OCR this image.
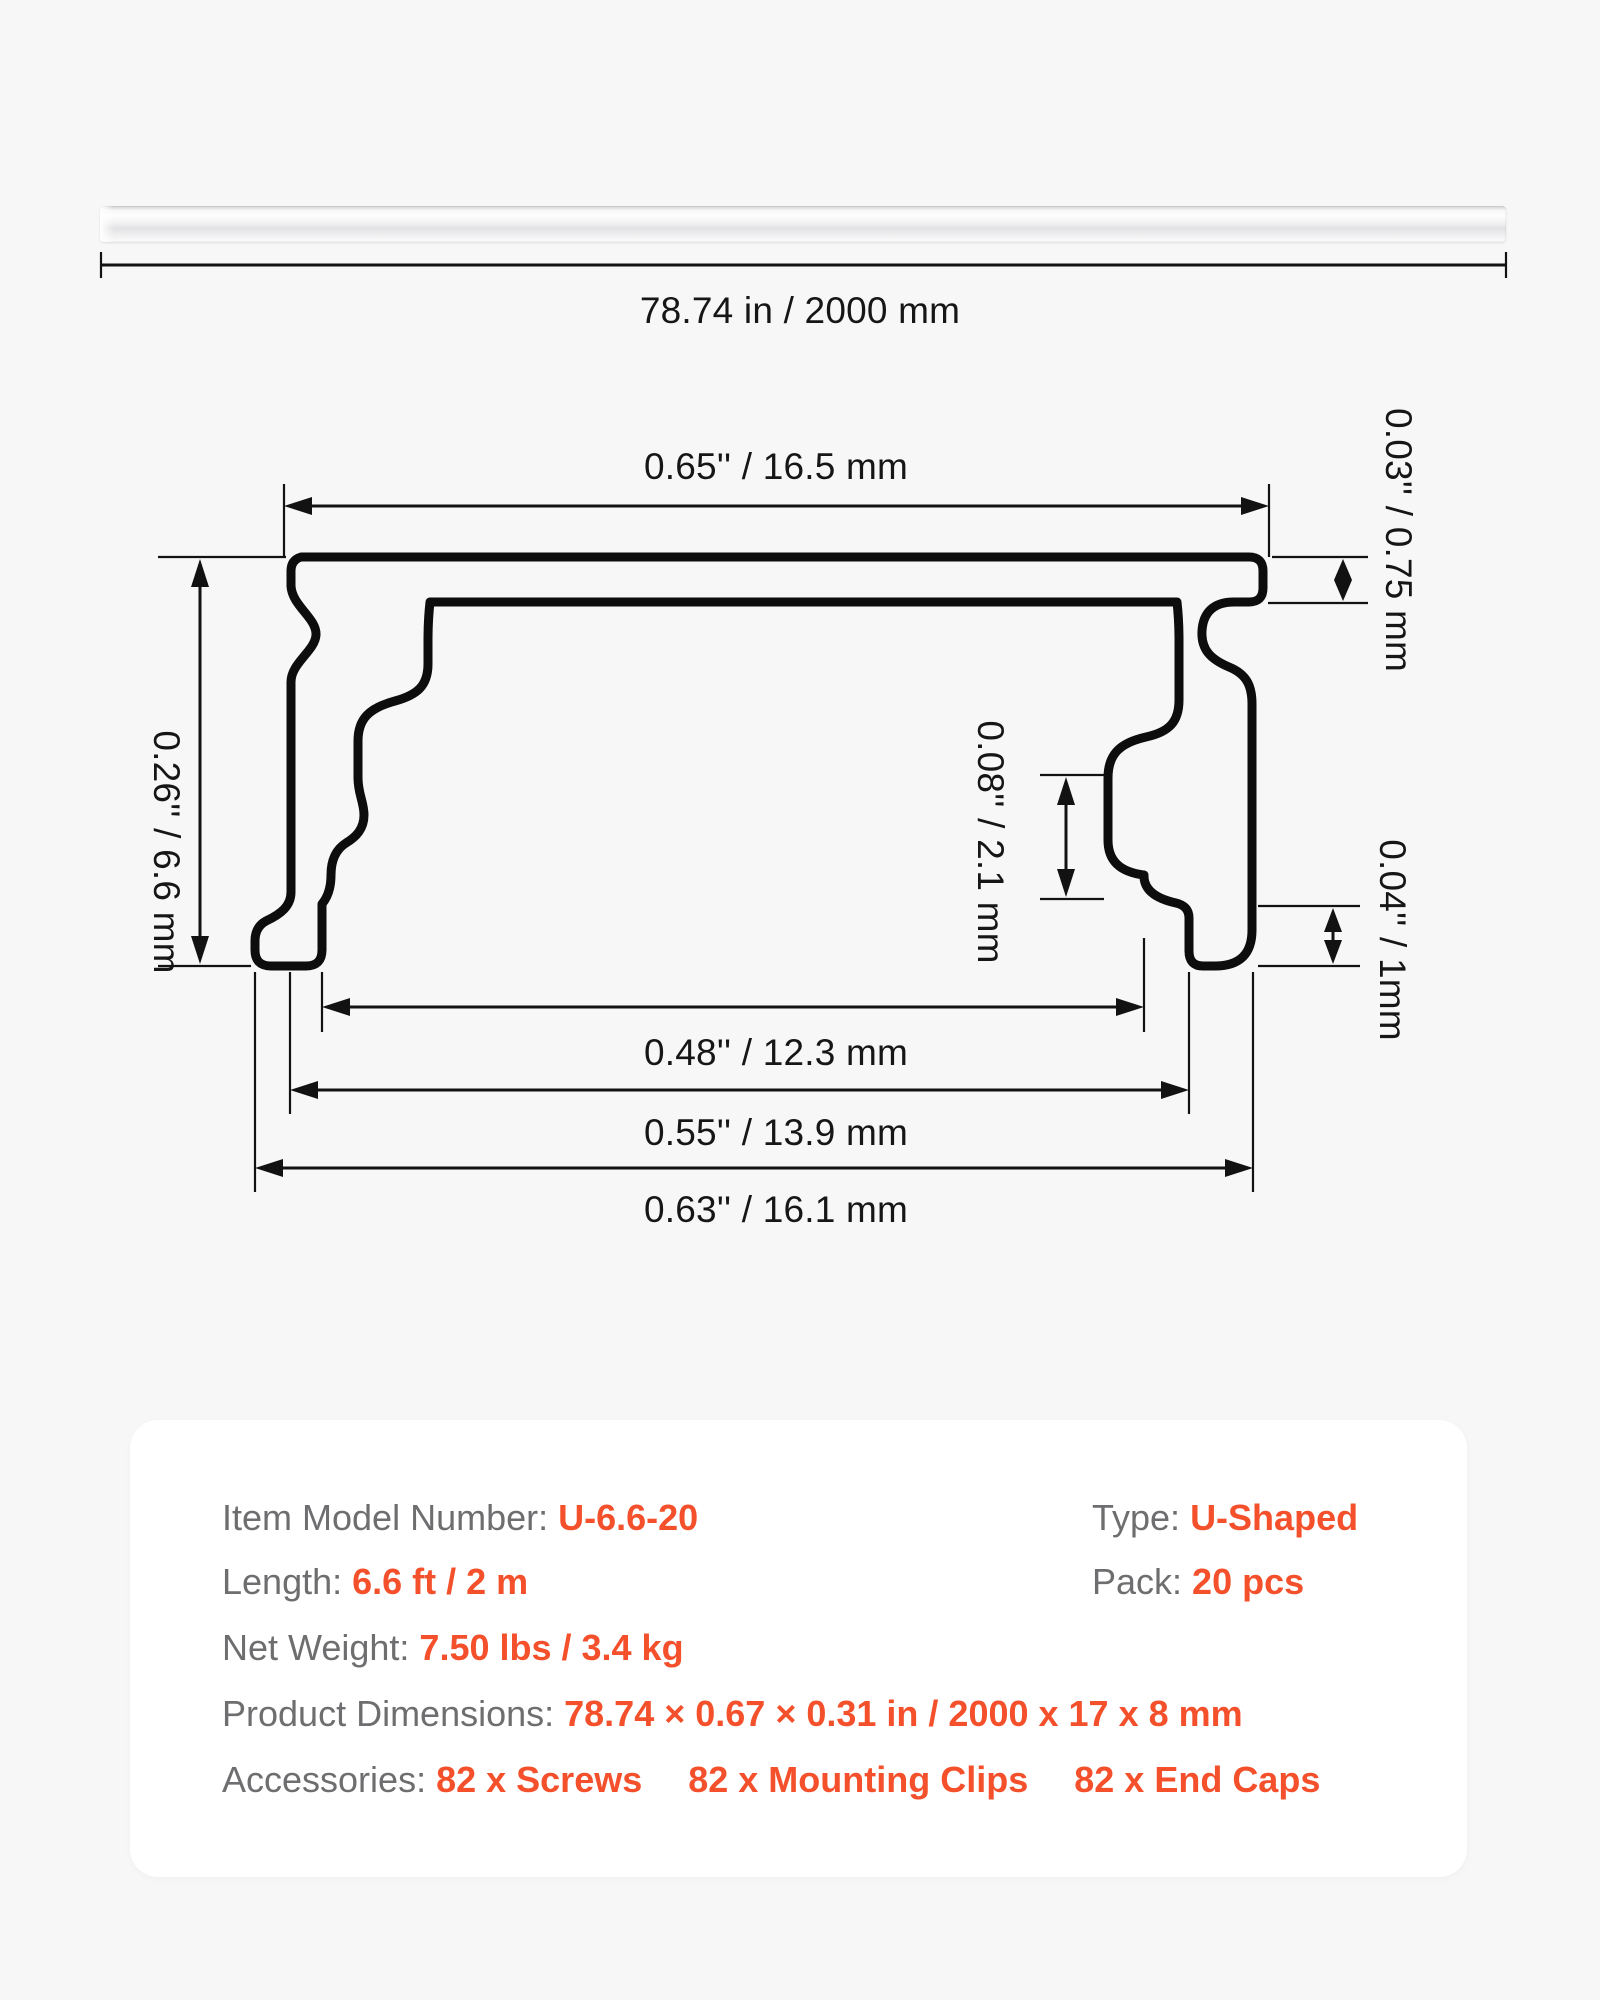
78.74 in / 2000 mm
0.65'' / 16.5 mm
0.26'' / 6.6 mm
0.03'' / 0.75 mm
0.08'' / 2.1 mm	0.04'' / 1mm
0.48'' / 12.3 mm
0.55'' / 13.9 mm
0.63'' / 16.1 mm
Item Model Number: U-6.6-20
Length: 6.6 ft / 2 m
Net Weight: 7.50 lbs / 3.4 kg
Product Dimensions: 78.74 × 0.67 × 0.31 in / 2000 x 17 x 8 mm
Accessories: 82 x Screws 82 x Mounting Clips 82 x End Caps
Type: U-Shaped
Pack: 20 pcs
